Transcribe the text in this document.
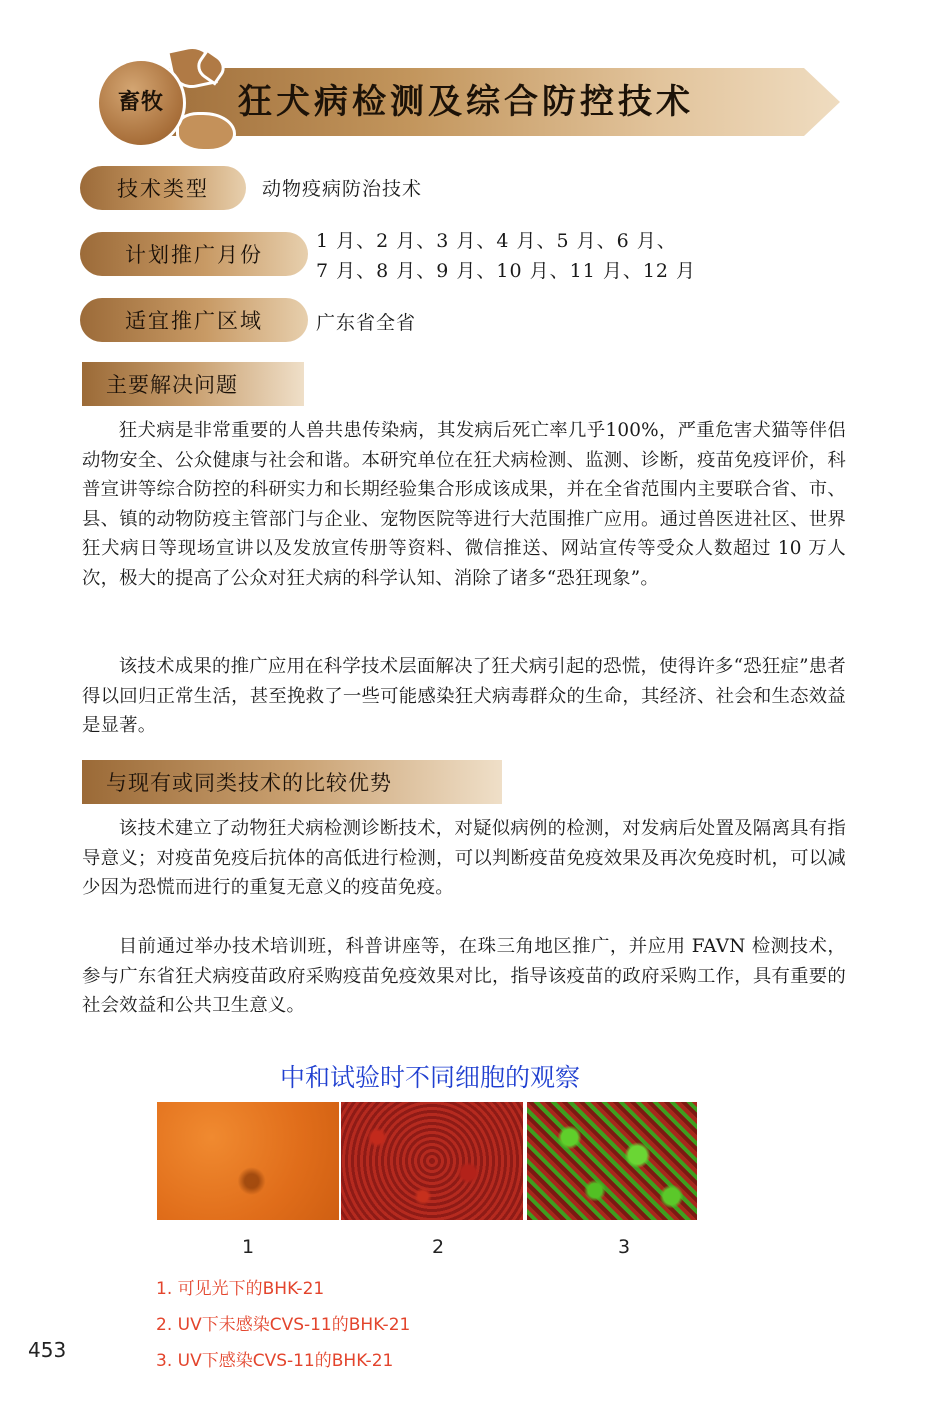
畜牧	狂犬病检测及综合防控技术
技术类型	动物疫病防治技术
计划推广月份
1 月、2 月、3 月、4 月、5 月、6 月、
7 月、8 月、9 月、10 月、11 月、12 月
适宜推广区域	广东省全省
主要解决问题

狂犬病是非常重要的人兽共患传染病，其发病后死亡率几乎100%，严重危害犬猫等伴侣动物安全、公众健康与社会和谐。本研究单位在狂犬病检测、监测、诊断，疫苗免疫评价，科普宣讲等综合防控的科研实力和长期经验集合形成该成果，并在全省范围内主要联合省、市、县、镇的动物防疫主管部门与企业、宠物医院等进行大范围推广应用。通过兽医进社区、世界狂犬病日等现场宣讲以及发放宣传册等资料、微信推送、网站宣传等受众人数超过 10 万人次，极大的提高了公众对狂犬病的科学认知、消除了诸多“恐狂现象”。

该技术成果的推广应用在科学技术层面解决了狂犬病引起的恐慌，使得许多“恐狂症”患者得以回归正常生活，甚至挽救了一些可能感染狂犬病毒群众的生命，其经济、社会和生态效益是显著。

与现有或同类技术的比较优势

该技术建立了动物狂犬病检测诊断技术，对疑似病例的检测，对发病后处置及隔离具有指导意义；对疫苗免疫后抗体的高低进行检测，可以判断疫苗免疫效果及再次免疫时机，可以减少因为恐慌而进行的重复无意义的疫苗免疫。

目前通过举办技术培训班，科普讲座等，在珠三角地区推广，并应用 FAVN 检测技术，参与广东省狂犬病疫苗政府采购疫苗免疫效果对比，指导该疫苗的政府采购工作，具有重要的社会效益和公共卫生意义。

中和试验时不同细胞的观察
1	2	3
1. 可见光下的BHK-21
2. UV下未感染CVS-11的BHK-21
3. UV下感染CVS-11的BHK-21
453
